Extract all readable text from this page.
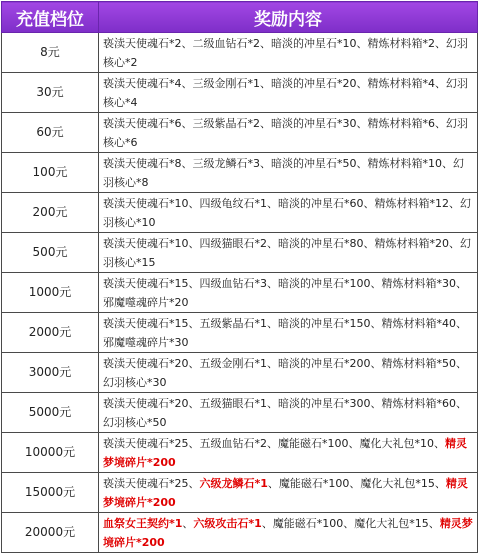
充值档位	奖励内容
8元	亵渎天使魂石*2、二级血钻石*2、暗淡的冲星石*10、精炼材料箱*2、幻羽核心*2
30元	亵渎天使魂石*4、三级金刚石*1、暗淡的冲星石*20、精炼材料箱*4、幻羽核心*4
60元	亵渎天使魂石*6、三级紫晶石*2、暗淡的冲星石*30、精炼材料箱*6、幻羽核心*6
100元	亵渎天使魂石*8、三级龙鳞石*3、暗淡的冲星石*50、精炼材料箱*10、幻羽核心*8
200元	亵渎天使魂石*10、四级龟纹石*1、暗淡的冲星石*60、精炼材料箱*12、幻羽核心*10
500元	亵渎天使魂石*10、四级猫眼石*2、暗淡的冲星石*80、精炼材料箱*20、幻羽核心*15
1000元	亵渎天使魂石*15、四级血钻石*3、暗淡的冲星石*100、精炼材料箱*30、邪魔噬魂碎片*20
2000元	亵渎天使魂石*15、五级紫晶石*1、暗淡的冲星石*150、精炼材料箱*40、邪魔噬魂碎片*30
3000元	亵渎天使魂石*20、五级金刚石*1、暗淡的冲星石*200、精炼材料箱*50、幻羽核心*30
5000元	亵渎天使魂石*20、五级猫眼石*1、暗淡的冲星石*300、精炼材料箱*60、幻羽核心*50
10000元	亵渎天使魂石*25、五级血钻石*2、魔能磁石*100、魔化大礼包*10、精灵梦境碎片*200
15000元	亵渎天使魂石*25、六级龙鳞石*1、魔能磁石*100、魔化大礼包*15、精灵梦境碎片*200
20000元	血祭女王契约*1、六级攻击石*1、魔能磁石*100、魔化大礼包*15、精灵梦境碎片*200
